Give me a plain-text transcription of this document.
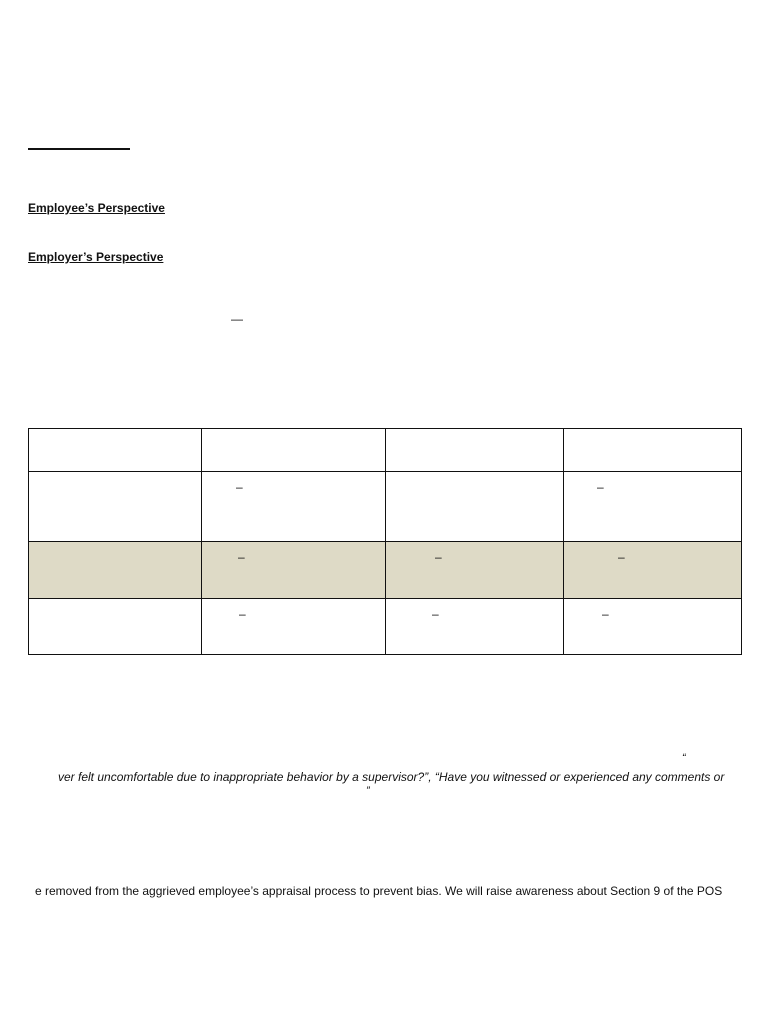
Employee’s Perspective
Employer’s Perspective
—

	–		–

	–	–	–

	–	–	–
“
ver felt uncomfortable due to inappropriate behavior by a supervisor?”, “Have you witnessed or experienced any comments or
”
e removed from the aggrieved employee’s appraisal process to prevent bias. We will raise awareness about Section 9 of the POS
